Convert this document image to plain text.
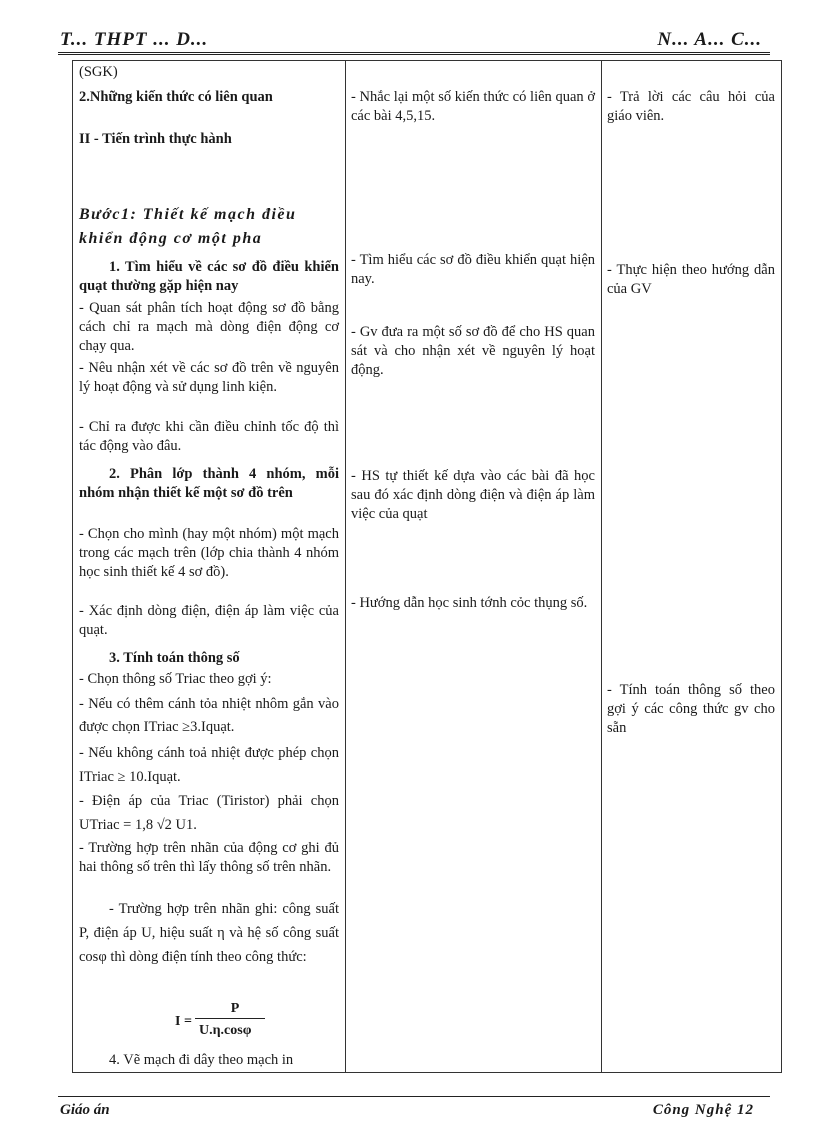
T... THPT ... D...	N... A... C...
(SGK)
2.Những kiến thức có liên quan
II - Tiến trình thực hành
Bước1: Thiết kế mạch điều khiển động cơ một pha
1. Tìm hiểu về các sơ đồ điều khiển quạt thường gặp hiện nay
- Quan sát phân tích hoạt động sơ đồ bằng cách chỉ ra mạch mà dòng điện động cơ chạy qua.
- Nêu nhận xét về các sơ đồ trên về nguyên lý hoạt động và sử dụng linh kiện.
- Chỉ ra được khi cần điều chỉnh tốc độ thì tác động vào đâu.
2. Phân lớp thành 4 nhóm, mỗi nhóm nhận thiết kế một sơ đồ trên
- Chọn cho mình (hay một nhóm) một mạch trong các mạch trên (lớp chia thành 4 nhóm học sinh thiết kế 4 sơ đồ).
- Xác định dòng điện, điện áp làm việc của quạt.
3. Tính toán thông số
- Chọn thông số Triac theo gợi ý:
- Nếu có thêm cánh tỏa nhiệt nhôm gắn vào được chọn ITriac ≥3.Iquạt.
- Nếu không cánh toả nhiệt được phép chọn ITriac ≥ 10.Iquạt.
- Điện áp của Triac (Tiristor) phải chọn UTriac = 1,8 √2 U1.
- Trường hợp trên nhãn của động cơ ghi đủ hai thông số trên thì lấy thông số trên nhãn.
- Trường hợp trên nhãn ghi: công suất P, điện áp U, hiệu suất η và hệ số công suất cosφ thì dòng điện tính theo công thức:
I =
P
U.η.cosφ
4. Vẽ mạch đi dây theo mạch in
- Nhắc lại một số kiến thức có liên quan ở các bài 4,5,15.
- Tìm hiểu các sơ đồ điều khiển quạt hiện nay.
- Gv đưa ra một số sơ đồ để cho HS quan sát và cho nhận xét về nguyên lý hoạt động.
- HS tự thiết kế dựa vào các bài đã học sau đó xác định dòng điện và điện áp làm việc của quạt
- Hướng dẫn học sinh tớnh cỏc thụng số.
- Trả lời các câu hỏi của giáo viên.
- Thực hiện theo hướng dẫn của GV
- Tính toán thông số theo gợi ý các công thức gv cho sẵn
Giáo án	Công Nghệ 12
